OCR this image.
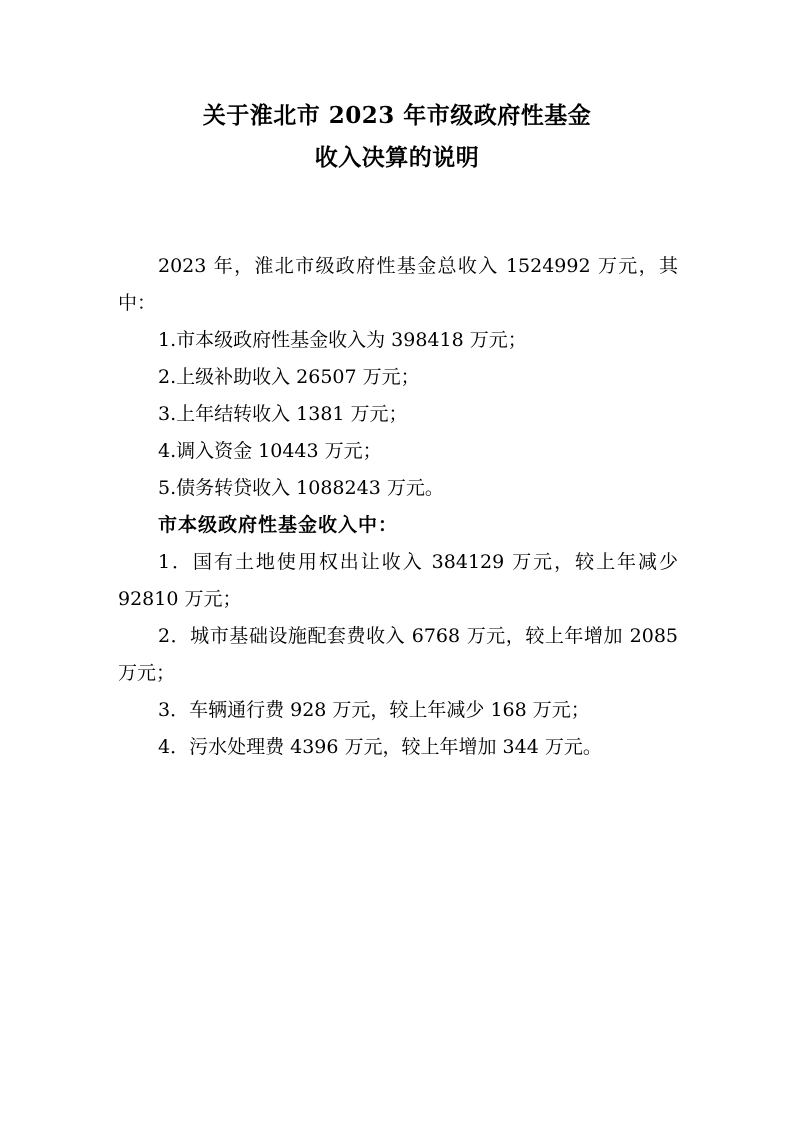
关于淮北市 2023 年市级政府性基金
收入决算的说明

2023 年，淮北市级政府性基金总收入 1524992 万元，其中：

1.市本级政府性基金收入为 398418 万元；

2.上级补助收入 26507 万元；

3.上年结转收入 1381 万元；

4.调入资金 10443 万元；

5.债务转贷收入 1088243 万元。

市本级政府性基金收入中：

1．国有土地使用权出让收入 384129 万元，较上年减少 92810 万元；

2．城市基础设施配套费收入 6768 万元，较上年增加 2085 万元；

3．车辆通行费 928 万元，较上年减少 168 万元；

4．污水处理费 4396 万元，较上年增加 344 万元。
